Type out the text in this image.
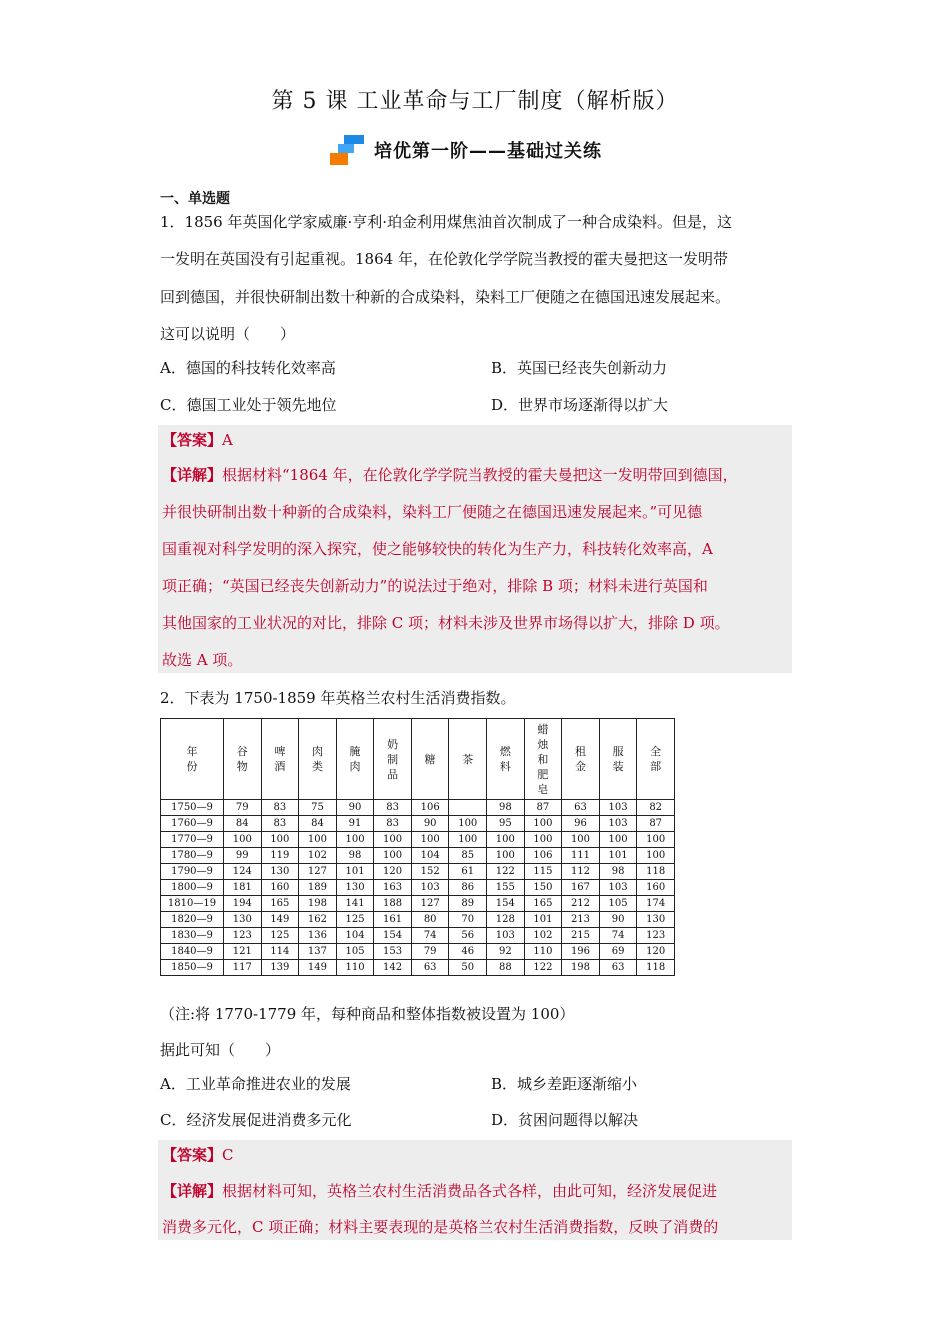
第 5 课 工业革命与工厂制度（解析版）
培优第一阶——基础过关练
一、单选题
1．1856 年英国化学家威廉·亨利·珀金利用煤焦油首次制成了一种合成染料。但是，这
一发明在英国没有引起重视。1864 年，在伦敦化学学院当教授的霍夫曼把这一发明带
回到德国，并很快研制出数十种新的合成染料，染料工厂便随之在德国迅速发展起来。
这可以说明（　　）
A．德国的科技转化效率高	B．英国已经丧失创新动力
C．德国工业处于领先地位	D．世界市场逐渐得以扩大
【答案】A
【详解】根据材料“1864 年，在伦敦化学学院当教授的霍夫曼把这一发明带回到德国，
并很快研制出数十种新的合成染料，染料工厂便随之在德国迅速发展起来。”可见德
国重视对科学发明的深入探究，使之能够较快的转化为生产力，科技转化效率高，A
项正确；“英国已经丧失创新动力”的说法过于绝对，排除 B 项；材料未进行英国和
其他国家的工业状况的对比，排除 C 项；材料未涉及世界市场得以扩大，排除 D 项。
故选 A 项。
2．下表为 1750-1859 年英格兰农村生活消费指数。
年份	谷物	啤酒	肉类	腌肉	奶制品	糖	茶	燃料	蜡烛和肥皂	租金	服装	全部
1750—9	79	83	75	90	83	106		98	87	63	103	82
1760—9	84	83	84	91	83	90	100	95	100	96	103	87
1770—9	100	100	100	100	100	100	100	100	100	100	100	100
1780—9	99	119	102	98	100	104	85	100	106	111	101	100
1790—9	124	130	127	101	120	152	61	122	115	112	98	118
1800—9	181	160	189	130	163	103	86	155	150	167	103	160
1810—19	194	165	198	141	188	127	89	154	165	212	105	174
1820—9	130	149	162	125	161	80	70	128	101	213	90	130
1830—9	123	125	136	104	154	74	56	103	102	215	74	123
1840—9	121	114	137	105	153	79	46	92	110	196	69	120
1850—9	117	139	149	110	142	63	50	88	122	198	63	118
（注:将 1770-1779 年，每种商品和整体指数被设置为 100）
据此可知（　　）
A．工业革命推进农业的发展	B．城乡差距逐渐缩小
C．经济发展促进消费多元化	D．贫困问题得以解决
【答案】C
【详解】根据材料可知，英格兰农村生活消费品各式各样，由此可知，经济发展促进
消费多元化，C 项正确；材料主要表现的是英格兰农村生活消费指数，反映了消费的
